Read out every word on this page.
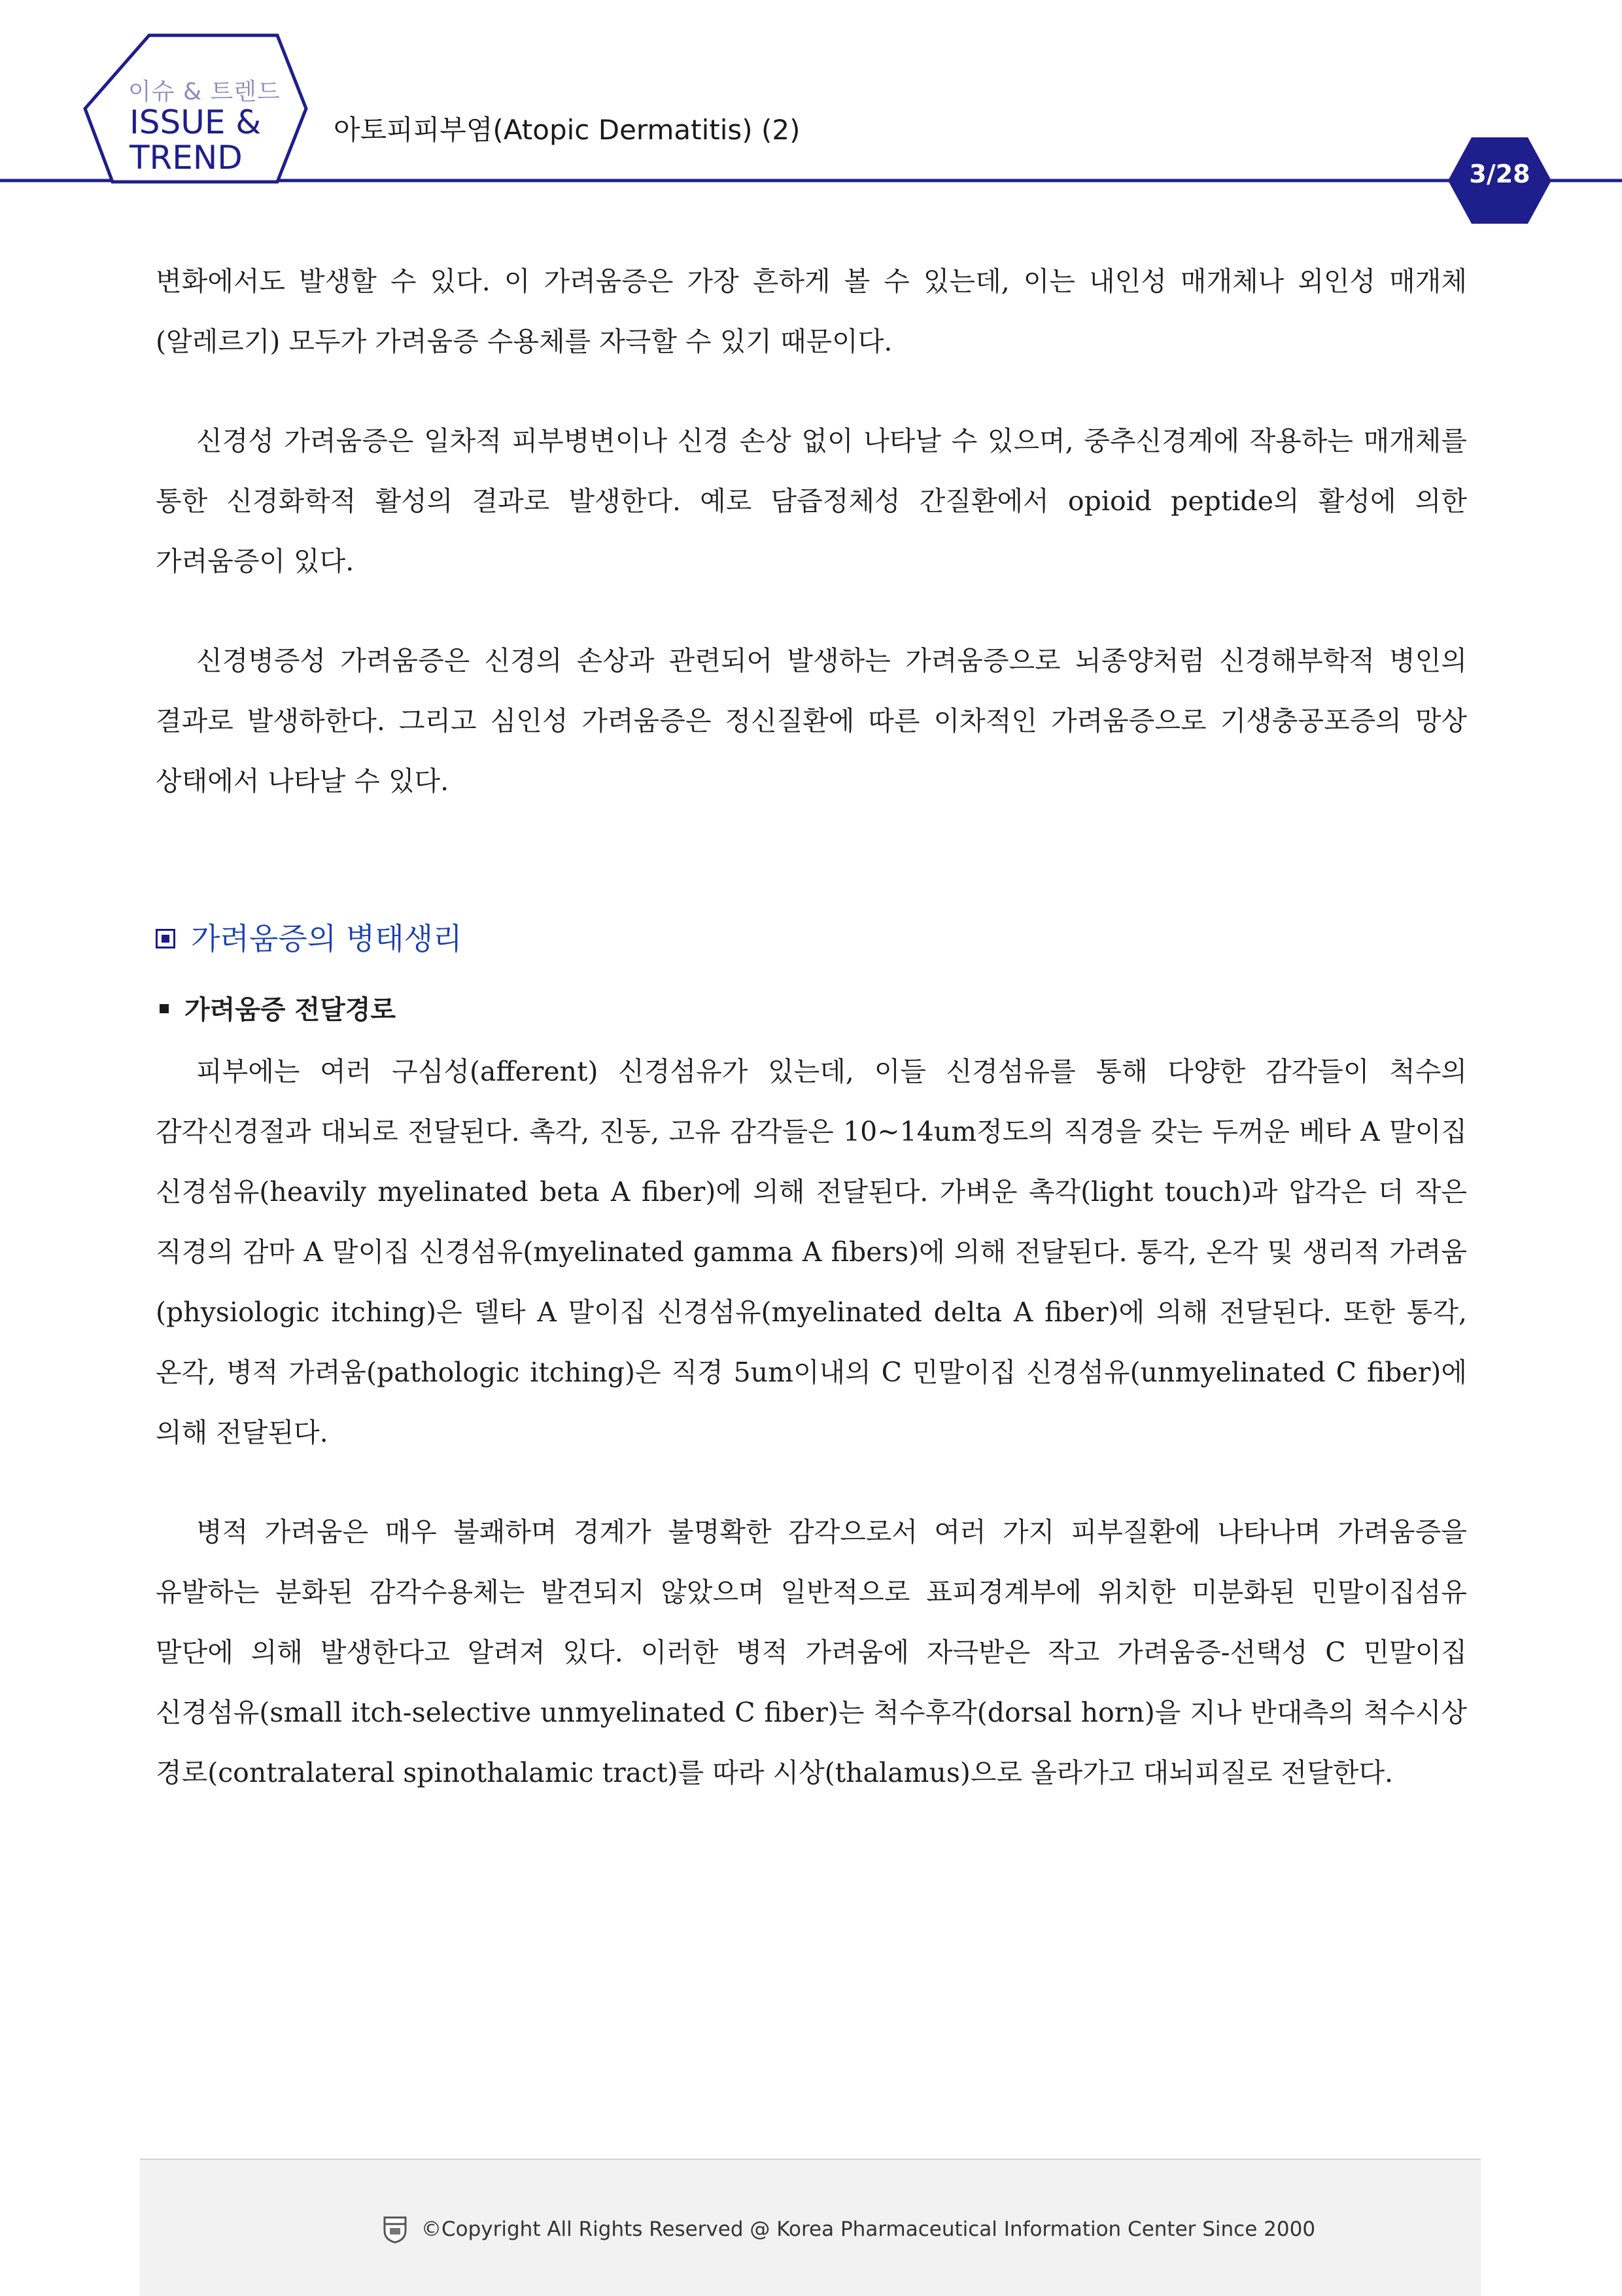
이슈 & 트렌드
ISSUE &
TREND
아토피피부염(Atopic Dermatitis) (2)
3/28

변화에서도 발생할 수 있다. 이 가려움증은 가장 흔하게 볼 수 있는데, 이는 내인성 매개체나 외인성 매개체(알레르기) 모두가 가려움증 수용체를 자극할 수 있기 때문이다.

신경성 가려움증은 일차적 피부병변이나 신경 손상 없이 나타날 수 있으며, 중추신경계에 작용하는 매개체를 통한 신경화학적 활성의 결과로 발생한다. 예로 담즙정체성 간질환에서 opioid peptide의 활성에 의한 가려움증이 있다.

신경병증성 가려움증은 신경의 손상과 관련되어 발생하는 가려움증으로 뇌종양처럼 신경해부학적 병인의 결과로 발생하한다. 그리고 심인성 가려움증은 정신질환에 따른 이차적인 가려움증으로 기생충공포증의 망상 상태에서 나타날 수 있다.

가려움증의 병태생리
가려움증 전달경로

피부에는 여러 구심성(afferent) 신경섬유가 있는데, 이들 신경섬유를 통해 다양한 감각들이 척수의 감각신경절과 대뇌로 전달된다. 촉각, 진동, 고유 감각들은 10~14um정도의 직경을 갖는 두꺼운 베타 A 말이집 신경섬유(heavily myelinated beta A fiber)에 의해 전달된다. 가벼운 촉각(light touch)과 압각은 더 작은 직경의 감마 A 말이집 신경섬유(myelinated gamma A fibers)에 의해 전달된다. 통각, 온각 및 생리적 가려움(physiologic itching)은 델타 A 말이집 신경섬유(myelinated delta A fiber)에 의해 전달된다. 또한 통각, 온각, 병적 가려움(pathologic itching)은 직경 5um이내의 C 민말이집 신경섬유(unmyelinated C fiber)에 의해 전달된다.

병적 가려움은 매우 불쾌하며 경계가 불명확한 감각으로서 여러 가지 피부질환에 나타나며 가려움증을 유발하는 분화된 감각수용체는 발견되지 않았으며 일반적으로 표피경계부에 위치한 미분화된 민말이집섬유 말단에 의해 발생한다고 알려져 있다. 이러한 병적 가려움에 자극받은 작고 가려움증-선택성 C 민말이집 신경섬유(small itch-selective unmyelinated C fiber)는 척수후각(dorsal horn)을 지나 반대측의 척수시상 경로(contralateral spinothalamic tract)를 따라 시상(thalamus)으로 올라가고 대뇌피질로 전달한다.

©Copyright All Rights Reserved @ Korea Pharmaceutical Information Center Since 2000
